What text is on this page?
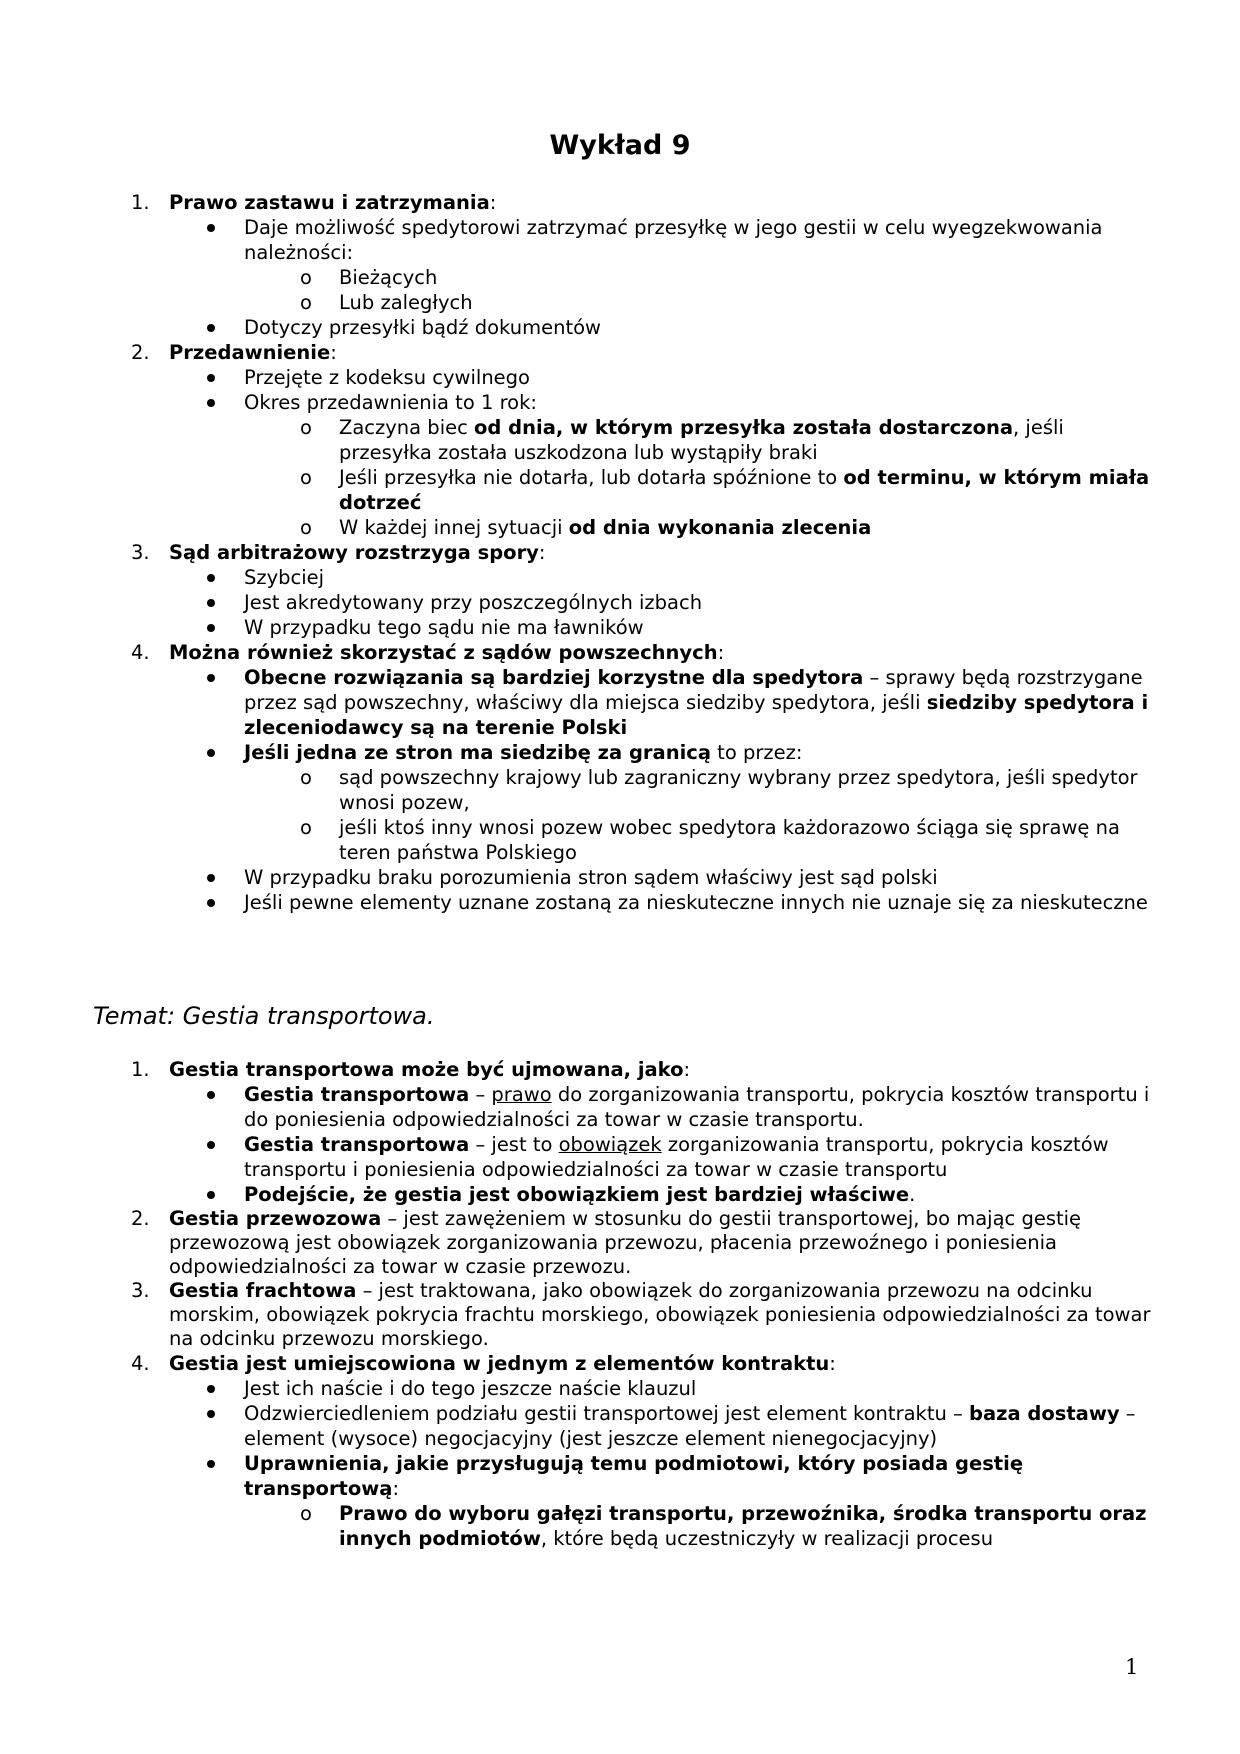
Wykład 9
1. Prawo zastawu i zatrzymania:
Daje możliwość spedytorowi zatrzymać przesyłkę w jego gestii w celu wyegzekwowania należności:
o Bieżących
o Lub zaległych
Dotyczy przesyłki bądź dokumentów
2. Przedawnienie:
Przejęte z kodeksu cywilnego
Okres przedawnienia to 1 rok:
o Zaczyna biec od dnia, w którym przesyłka została dostarczona, jeśli przesyłka została uszkodzona lub wystąpiły braki
o Jeśli przesyłka nie dotarła, lub dotarła spóźnione to od terminu, w którym miała dotrzeć
o W każdej innej sytuacji od dnia wykonania zlecenia
3. Sąd arbitrażowy rozstrzyga spory:
Szybciej
Jest akredytowany przy poszczególnych izbach
W przypadku tego sądu nie ma ławników
4. Można również skorzystać z sądów powszechnych:
Obecne rozwiązania są bardziej korzystne dla spedytora – sprawy będą rozstrzygane przez sąd powszechny, właściwy dla miejsca siedziby spedytora, jeśli siedziby spedytora i zleceniodawcy są na terenie Polski
Jeśli jedna ze stron ma siedzibę za granicą to przez:
o sąd powszechny krajowy lub zagraniczny wybrany przez spedytora, jeśli spedytor wnosi pozew,
o jeśli ktoś inny wnosi pozew wobec spedytora każdorazowo ściąga się sprawę na teren państwa Polskiego
W przypadku braku porozumienia stron sądem właściwy jest sąd polski
Jeśli pewne elementy uznane zostaną za nieskuteczne innych nie uznaje się za nieskuteczne
Temat: Gestia transportowa.
1. Gestia transportowa może być ujmowana, jako:
Gestia transportowa – prawo do zorganizowania transportu, pokrycia kosztów transportu i do poniesienia odpowiedzialności za towar w czasie transportu.
Gestia transportowa – jest to obowiązek zorganizowania transportu, pokrycia kosztów transportu i poniesienia odpowiedzialności za towar w czasie transportu
Podejście, że gestia jest obowiązkiem jest bardziej właściwe.
2. Gestia przewozowa – jest zawężeniem w stosunku do gestii transportowej, bo mając gestię przewozową jest obowiązek zorganizowania przewozu, płacenia przewoźnego i poniesienia odpowiedzialności za towar w czasie przewozu.
3. Gestia frachtowa – jest traktowana, jako obowiązek do zorganizowania przewozu na odcinku morskim, obowiązek pokrycia frachtu morskiego, obowiązek poniesienia odpowiedzialności za towar na odcinku przewozu morskiego.
4. Gestia jest umiejscowiona w jednym z elementów kontraktu:
Jest ich naście i do tego jeszcze naście klauzul
Odzwierciedleniem podziału gestii transportowej jest element kontraktu – baza dostawy – element (wysoce) negocjacyjny (jest jeszcze element nienegocjacyjny)
Uprawnienia, jakie przysługują temu podmiotowi, który posiada gestię transportową:
o Prawo do wyboru gałęzi transportu, przewoźnika, środka transportu oraz innych podmiotów, które będą uczestniczyły w realizacji procesu
1
